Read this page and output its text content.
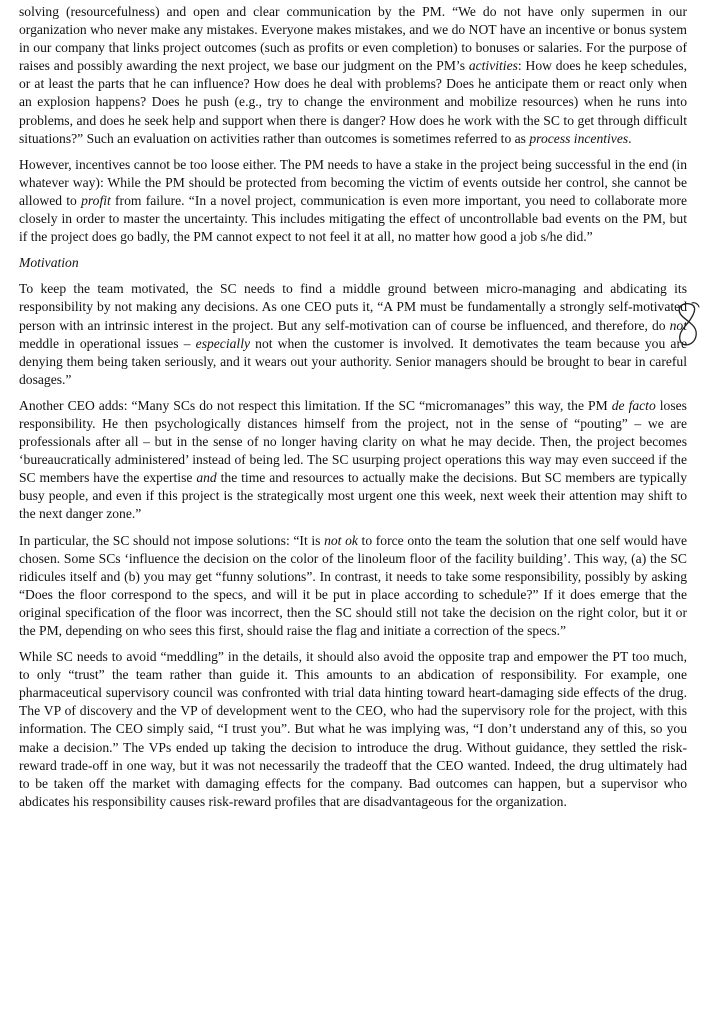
solving (resourcefulness) and open and clear communication by the PM. “We do not have only supermen in our organization who never make any mistakes. Everyone makes mistakes, and we do NOT have an incentive or bonus system in our company that links project outcomes (such as profits or even completion) to bonuses or salaries. For the purpose of raises and possibly awarding the next project, we base our judgment on the PM’s activities: How does he keep schedules, or at least the parts that he can influence? How does he deal with problems? Does he anticipate them or react only when an explosion happens? Does he push (e.g., try to change the environment and mobilize resources) when he runs into problems, and does he seek help and support when there is danger? How does he work with the SC to get through difficult situations?” Such an evaluation on activities rather than outcomes is sometimes referred to as process incentives.

However, incentives cannot be too loose either. The PM needs to have a stake in the project being successful in the end (in whatever way): While the PM should be protected from becoming the victim of events outside her control, she cannot be allowed to profit from failure. “In a novel project, communication is even more important, you need to collaborate more closely in order to master the uncertainty. This includes mitigating the effect of uncontrollable bad events on the PM, but if the project does go badly, the PM cannot expect to not feel it at all, no matter how good a job s/he did.”

Motivation

To keep the team motivated, the SC needs to find a middle ground between micro-managing and abdicating its responsibility by not making any decisions. As one CEO puts it, “A PM must be fundamentally a strongly self-motivated person with an intrinsic interest in the project. But any self-motivation can of course be influenced, and therefore, do not meddle in operational issues – especially not when the customer is involved. It demotivates the team because you are denying them being taken seriously, and it wears out your authority. Senior managers should be brought to bear in careful dosages.”

Another CEO adds: “Many SCs do not respect this limitation. If the SC “micromanages” this way, the PM de facto loses responsibility. He then psychologically distances himself from the project, not in the sense of “pouting” – we are professionals after all – but in the sense of no longer having clarity on what he may decide. Then, the project becomes ‘bureaucratically administered’ instead of being led. The SC usurping project operations this way may even succeed if the SC members have the expertise and the time and resources to actually make the decisions. But SC members are typically busy people, and even if this project is the strategically most urgent one this week, next week their attention may shift to the next danger zone.”

In particular, the SC should not impose solutions: “It is not ok to force onto the team the solution that one self would have chosen. Some SCs ‘influence the decision on the color of the linoleum floor of the facility building’. This way, (a) the SC ridicules itself and (b) you may get “funny solutions”. In contrast, it needs to take some responsibility, possibly by asking “Does the floor correspond to the specs, and will it be put in place according to schedule?” If it does emerge that the original specification of the floor was incorrect, then the SC should still not take the decision on the right color, but it or the PM, depending on who sees this first, should raise the flag and initiate a correction of the specs.”

While SC needs to avoid “meddling” in the details, it should also avoid the opposite trap and empower the PT too much, to only “trust” the team rather than guide it. This amounts to an abdication of responsibility. For example, one pharmaceutical supervisory council was confronted with trial data hinting toward heart-damaging side effects of the drug. The VP of discovery and the VP of development went to the CEO, who had the supervisory role for the project, with this information. The CEO simply said, “I trust you”. But what he was implying was, “I don’t understand any of this, so you make a decision.” The VPs ended up taking the decision to introduce the drug. Without guidance, they settled the risk-reward trade-off in one way, but it was not necessarily the tradeoff that the CEO wanted. Indeed, the drug ultimately had to be taken off the market with damaging effects for the company. Bad outcomes can happen, but a supervisor who abdicates his responsibility causes risk-reward profiles that are disadvantageous for the organization.
